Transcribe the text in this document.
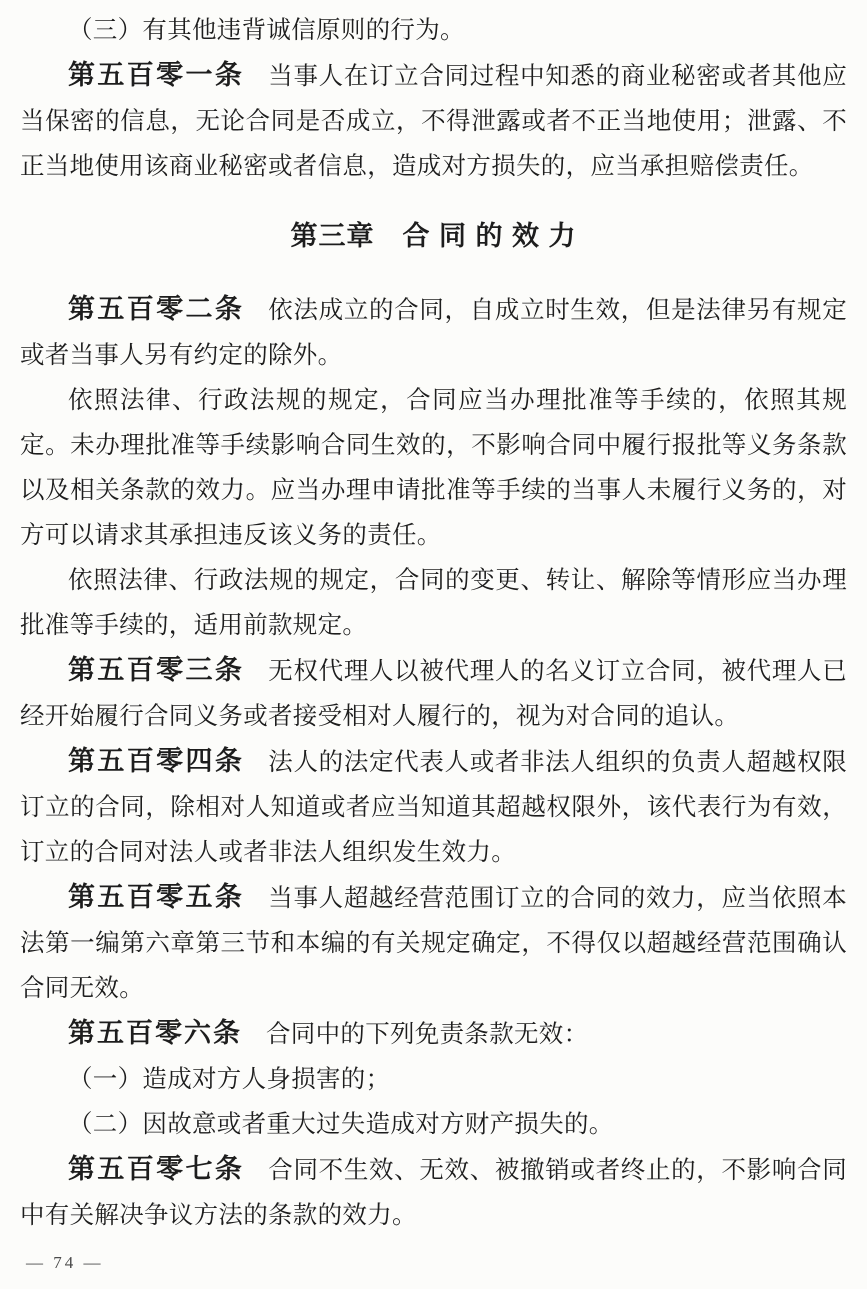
（三）有其他违背诚信原则的行为。

第五百零一条 当事人在订立合同过程中知悉的商业秘密或者其他应当保密的信息，无论合同是否成立，不得泄露或者不正当地使用；泄露、不正当地使用该商业秘密或者信息，造成对方损失的，应当承担赔偿责任。

第三章　合 同 的 效 力

第五百零二条 依法成立的合同，自成立时生效，但是法律另有规定或者当事人另有约定的除外。

依照法律、行政法规的规定，合同应当办理批准等手续的，依照其规定。未办理批准等手续影响合同生效的，不影响合同中履行报批等义务条款以及相关条款的效力。应当办理申请批准等手续的当事人未履行义务的，对方可以请求其承担违反该义务的责任。

依照法律、行政法规的规定，合同的变更、转让、解除等情形应当办理批准等手续的，适用前款规定。

第五百零三条 无权代理人以被代理人的名义订立合同，被代理人已经开始履行合同义务或者接受相对人履行的，视为对合同的追认。

第五百零四条 法人的法定代表人或者非法人组织的负责人超越权限订立的合同，除相对人知道或者应当知道其超越权限外，该代表行为有效，订立的合同对法人或者非法人组织发生效力。

第五百零五条 当事人超越经营范围订立的合同的效力，应当依照本法第一编第六章第三节和本编的有关规定确定，不得仅以超越经营范围确认合同无效。

第五百零六条 合同中的下列免责条款无效：

（一）造成对方人身损害的；

（二）因故意或者重大过失造成对方财产损失的。

第五百零七条 合同不生效、无效、被撤销或者终止的，不影响合同中有关解决争议方法的条款的效力。

— 74 —
